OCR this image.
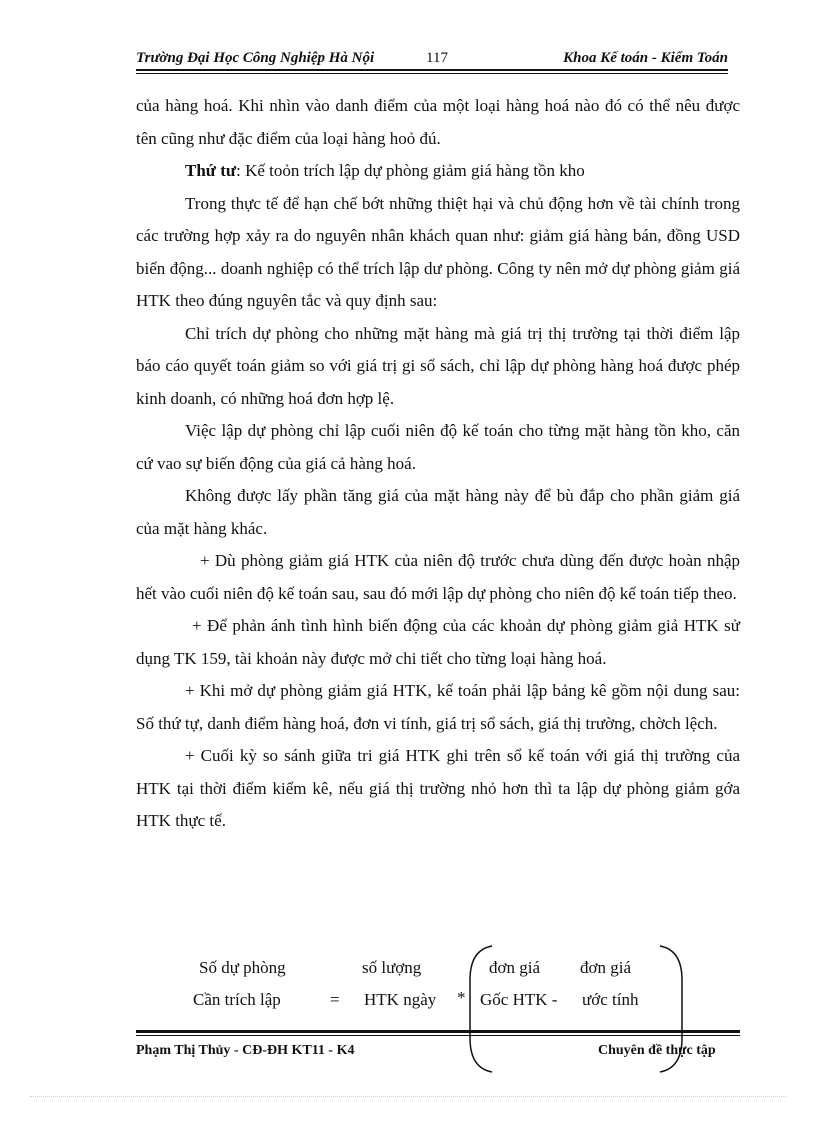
Trường Đại Học Công Nghiệp Hà Nội	117	Khoa Kế toán - Kiểm Toán

của hàng hoá. Khi nhìn vào danh điểm của một loại hàng hoá nào đó có thể nêu được tên cũng như đặc điểm của loại hàng hoỏ đú.

Thứ tư: Kế toỏn trích lập dự phòng giảm giá hàng tồn kho

Trong thực tế để hạn chế bớt những thiệt hại và chủ động hơn về tài chính trong các trường hợp xảy ra do nguyên nhân khách quan như: giảm giá hàng bán, đồng USD biến động... doanh nghiệp có thể trích lập dư phòng. Công ty nên mở dự phòng giảm giá HTK theo đúng nguyên tắc và quy định sau:

Chỉ trích dự phòng cho những mặt hàng mà giá trị thị trường tại thời điểm lập báo cáo quyết toán giảm so với giá trị gi sổ sách, chỉ lập dự phòng hàng hoá được phép kinh doanh, có những hoá đơn hợp lệ.

Việc lập dự phòng chỉ lập cuối niên độ kế toán cho từng mặt hàng tồn kho, căn cứ vao sự biến động của giá cả hàng hoá.

Không được lấy phần tăng giá của mặt hàng này để bù đắp cho phần giảm giá của mặt hàng khác.

+ Dù phòng giảm giá HTK của niên độ trước chưa dùng đến được hoàn nhập hết vào cuối niên độ kế toán sau, sau đó mới lập dự phòng cho niên độ kế toán tiếp theo.

+ Để phản ánh tình hình biến động của các khoản dự phòng giảm giả HTK sử dụng TK 159, tài khoản này được mở chi tiết cho từng loại hàng hoá.

+ Khi mở dự phòng giảm giá HTK, kế toán phải lập bảng kê gồm nội dung sau: Số thứ tự, danh điểm hàng hoá, đơn vi tính, giá trị sổ sách, giá thị trường, chờch lệch.

+ Cuối kỳ so sánh giữa tri giá HTK ghi trên sổ kế toán với giá thị trường của HTK tại thời điểm kiểm kê, nếu giá thị trường nhỏ hơn thì ta lập dự phòng giảm gớa HTK thực tế.

Số dự phòng
Cần trích lập	=
số lượng
HTK ngày *
đơn giá
Gốc HTK -
đơn giá
ước tính
Phạm Thị Thủy - CĐ-ĐH KT11 - K4	Chuyên đề thực tập
